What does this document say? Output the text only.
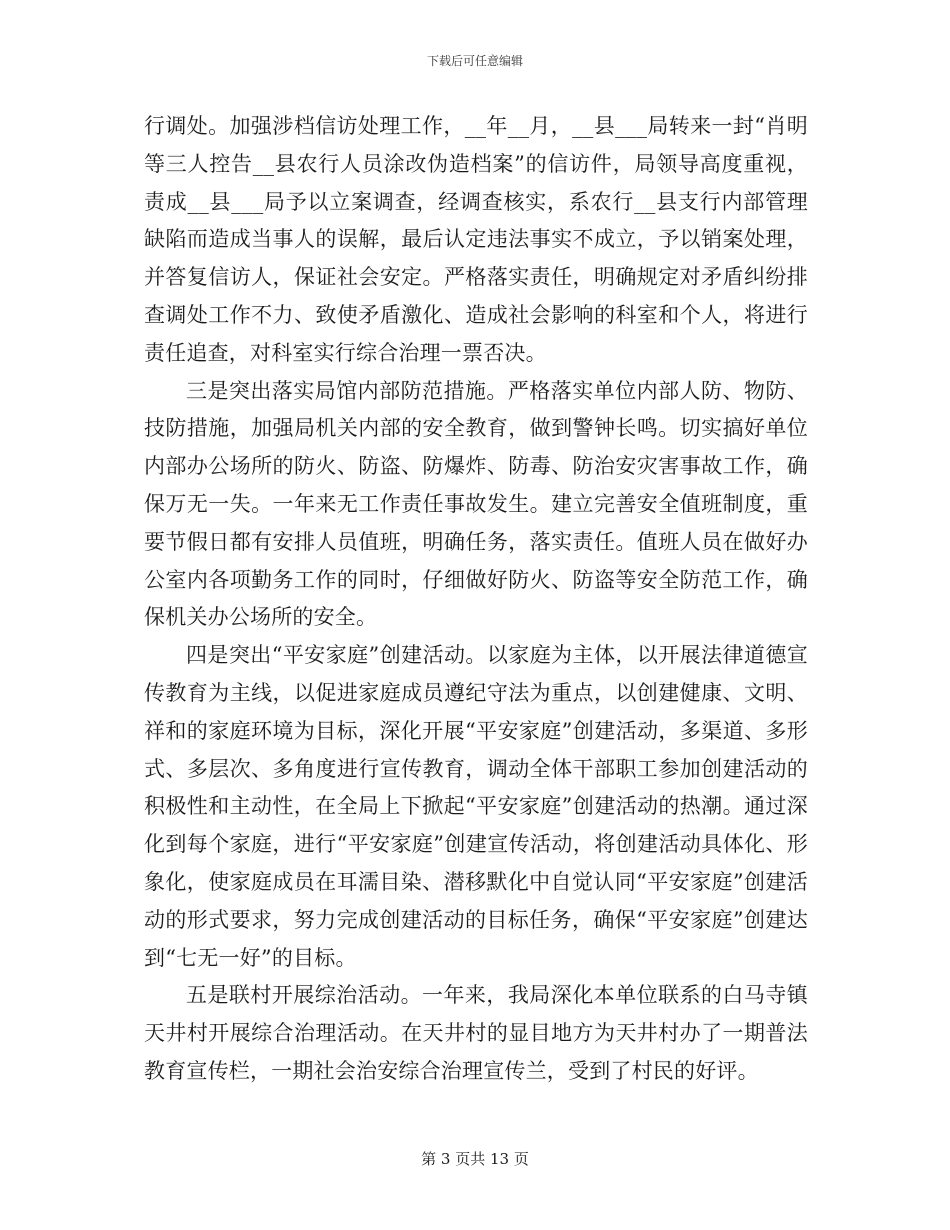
下载后可任意编辑

行调处。加强涉档信访处理工作，__年__月，__县___局转来一封“肖明等三人控告__县农行人员涂改伪造档案”的信访件，局领导高度重视，责成__县___局予以立案调查，经调查核实，系农行__县支行内部管理缺陷而造成当事人的误解，最后认定违法事实不成立，予以销案处理，并答复信访人，保证社会安定。严格落实责任，明确规定对矛盾纠纷排查调处工作不力、致使矛盾激化、造成社会影响的科室和个人，将进行责任追查，对科室实行综合治理一票否决。

三是突出落实局馆内部防范措施。严格落实单位内部人防、物防、技防措施，加强局机关内部的安全教育，做到警钟长鸣。切实搞好单位内部办公场所的防火、防盗、防爆炸、防毒、防治安灾害事故工作，确保万无一失。一年来无工作责任事故发生。建立完善安全值班制度，重要节假日都有安排人员值班，明确任务，落实责任。值班人员在做好办公室内各项勤务工作的同时，仔细做好防火、防盗等安全防范工作，确保机关办公场所的安全。

四是突出“平安家庭”创建活动。以家庭为主体，以开展法律道德宣传教育为主线，以促进家庭成员遵纪守法为重点，以创建健康、文明、祥和的家庭环境为目标，深化开展“平安家庭”创建活动，多渠道、多形式、多层次、多角度进行宣传教育，调动全体干部职工参加创建活动的积极性和主动性，在全局上下掀起“平安家庭”创建活动的热潮。通过深化到每个家庭，进行“平安家庭”创建宣传活动，将创建活动具体化、形象化，使家庭成员在耳濡目染、潜移默化中自觉认同“平安家庭”创建活动的形式要求，努力完成创建活动的目标任务，确保“平安家庭”创建达到“七无一好”的目标。

五是联村开展综治活动。一年来，我局深化本单位联系的白马寺镇天井村开展综合治理活动。在天井村的显目地方为天井村办了一期普法教育宣传栏，一期社会治安综合治理宣传兰，受到了村民的好评。

第 3 页共 13 页
